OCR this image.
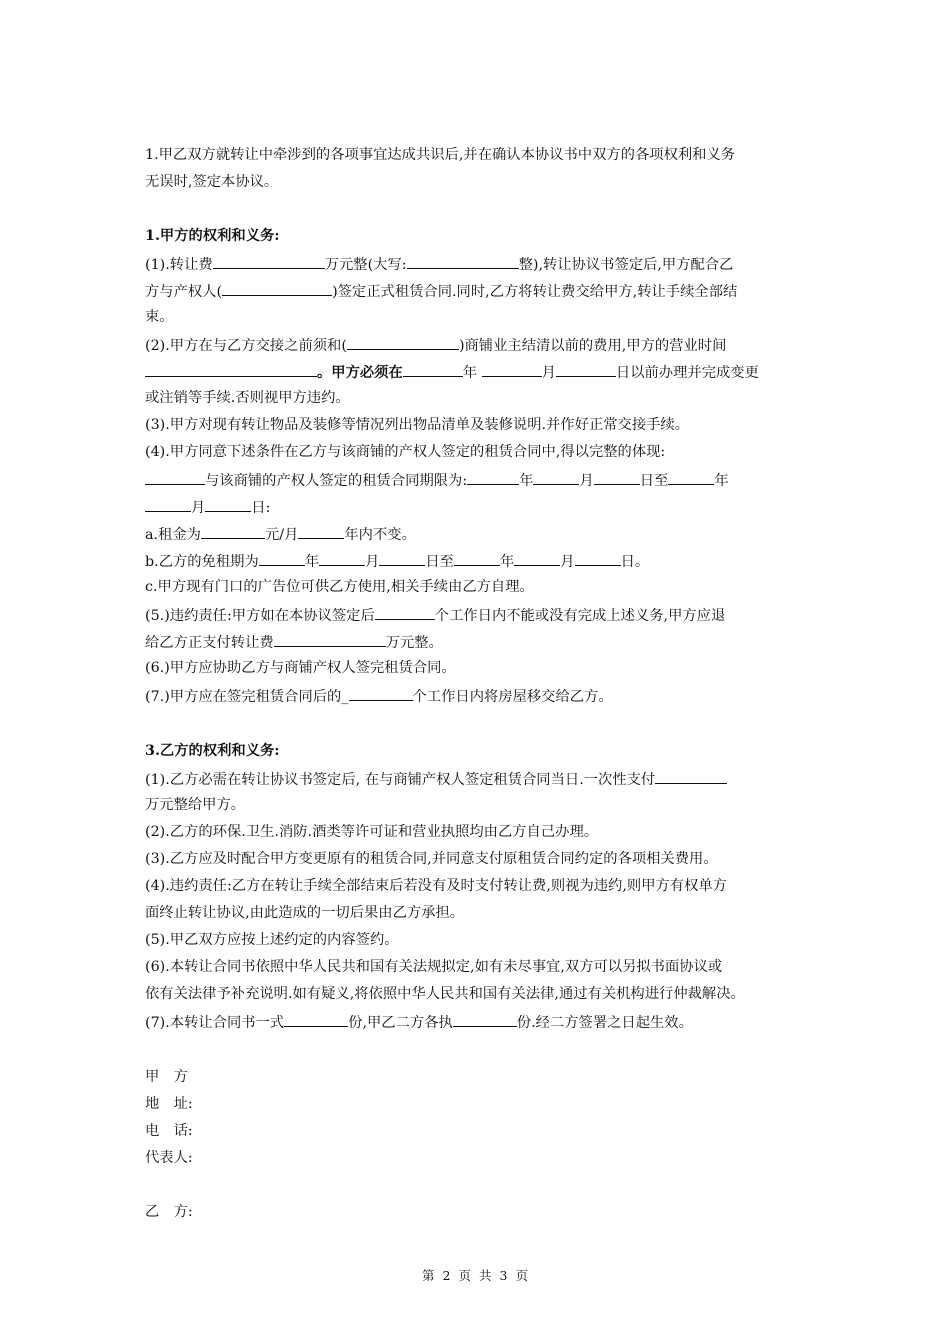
1.甲乙双方就转让中牵涉到的各项事宜达成共识后,并在确认本协议书中双方的各项权利和义务
无误时,签定本协议。
1.甲方的权利和义务:
(1).转让费	万元整(大写:	整),转让协议书签定后,甲方配合乙
方与产权人(	)签定正式租赁合同.同时,乙方将转让费交给甲方,转让手续全部结
束。
(2).甲方在与乙方交接之前须和(	)商铺业主结清以前的费用,甲方的营业时间
。甲方必须在	年	月	日以前办理并完成变更
或注销等手续.否则视甲方违约。
(3).甲方对现有转让物品及装修等情况列出物品清单及装修说明.并作好正常交接手续。
(4).甲方同意下述条件在乙方与该商铺的产权人签定的租赁合同中,得以完整的体现:
与该商铺的产权人签定的租赁合同期限为:	年	月	日至	年
月	日:
a.租金为	元/月	年内不变。
b.乙方的免租期为	年	月	日至	年	月	日。
c.甲方现有门口的广告位可供乙方使用,相关手续由乙方自理。
(5.)违约责任:甲方如在本协议签定后	个工作日内不能或没有完成上述义务,甲方应退
给乙方正支付转让费	万元整。
(6.)甲方应协助乙方与商铺产权人签完租赁合同。
(7.)甲方应在签完租赁合同后的_	个工作日内将房屋移交给乙方。
3.乙方的权利和义务:
(1).乙方必需在转让协议书签定后, 在与商铺产权人签定租赁合同当日.一次性支付
万元整给甲方。
(2).乙方的环保.卫生.消防.酒类等许可证和营业执照均由乙方自己办理。
(3).乙方应及时配合甲方变更原有的租赁合同,并同意支付原租赁合同约定的各项相关费用。
(4).违约责任:乙方在转让手续全部结束后若没有及时支付转让费,则视为违约,则甲方有权单方
面终止转让协议,由此造成的一切后果由乙方承担。
(5).甲乙双方应按上述约定的内容签约。
(6).本转让合同书依照中华人民共和国有关法规拟定,如有未尽事宜,双方可以另拟书面协议或
依有关法律予补充说明.如有疑义,将依照中华人民共和国有关法律,通过有关机构进行仲裁解决。
(7).本转让合同书一式	份,甲乙二方各执	份.经二方签署之日起生效。
甲　方
地　址:
电　话:
代表人:
乙　方:
第 2 页 共 3 页
